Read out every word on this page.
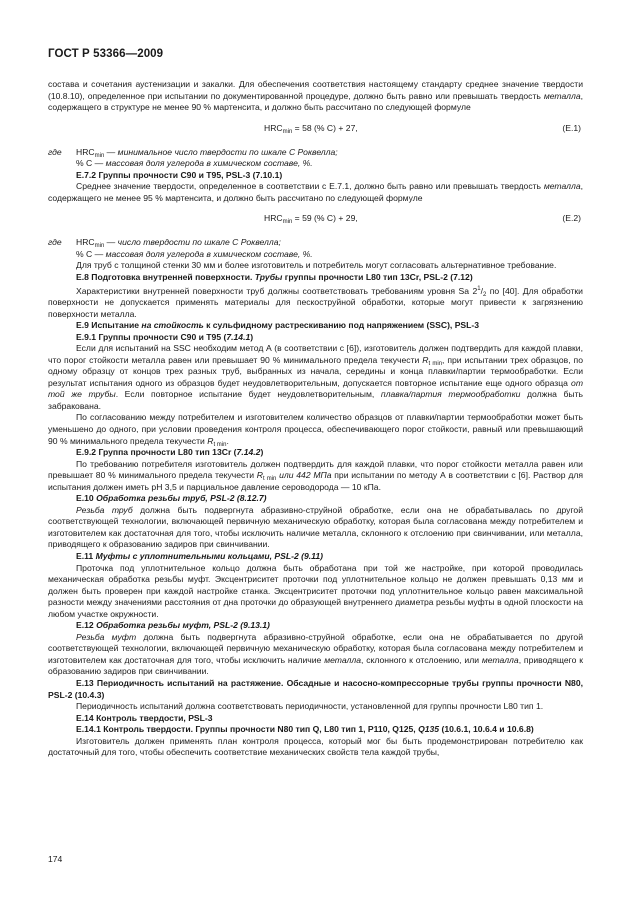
ГОСТ Р 53366—2009
состава и сочетания аустенизации и закалки. Для обеспечения соответствия настоящему стандарту среднее значение твердости (10.8.10), определенное при испытании по документированной процедуре, должно быть равно или превышать твердость металла, содержащего в структуре не менее 90 % мартенсита, и должно быть рассчитано по следующей формуле
$HRC_{min} = 58$ (% C) + 27,	(Е.1)
где $HRC_{min}$ — минимальное число твердости по шкале С Роквелла;
% С — массовая доля углерода в химическом составе, %.
Е.7.2 Группы прочности С90 и Т95, PSL-3 (7.10.1)
Среднее значение твердости, определенное в соответствии с Е.7.1, должно быть равно или превышать твердость металла, содержащего не менее 95 % мартенсита, и должно быть рассчитано по следующей формуле
$HRC_{min} = 59$ (% C) + 29,	(Е.2)
где $HRC_{min}$ — число твердости по шкале С Роквелла;
% С — массовая доля углерода в химическом составе, %.
Для труб с толщиной стенки 30 мм и более изготовитель и потребитель могут согласовать альтернативное требование.
Е.8 Подготовка внутренней поверхности. Трубы группы прочности L80 тип 13Cr, PSL-2 (7.12)
Характеристики внутренней поверхности труб должны соответствовать требованиям уровня Sa $2^1/_2$ по [40]. Для обработки поверхности не допускается применять материалы для пескоструйной обработки, которые могут привести к загрязнению поверхности металла.
Е.9 Испытание на стойкость к сульфидному растрескиванию под напряжением (SSC), PSL-3
Е.9.1 Группы прочности С90 и Т95 (7.14.1)
Если для испытаний на SSC необходим метод А (в соответствии с [6]), изготовитель должен подтвердить для каждой плавки, что порог стойкости металла равен или превышает 90 % минимального предела текучести $R_{t min}$, при испытании трех образцов, по одному образцу от концов трех разных труб, выбранных из начала, середины и конца плавки/партии термообработки. Если результат испытания одного из образцов будет неудовлетворительным, допускается повторное испытание еще одного образца от той же трубы. Если повторное испытание будет неудовлетворительным, плавка/партия термообработки должна быть забракована.
По согласованию между потребителем и изготовителем количество образцов от плавки/партии термообработки может быть уменьшено до одного, при условии проведения контроля процесса, обеспечивающего порог стойкости, равный или превышающий 90 % минимального предела текучести $R_{t min}$.
Е.9.2 Группа прочности L80 тип 13Cr (7.14.2)
По требованию потребителя изготовитель должен подтвердить для каждой плавки, что порог стойкости металла равен или превышает 80 % минимального предела текучести $R_{t min}$ или 442 МПа при испытании по методу А в соответствии с [6]. Раствор для испытания должен иметь pH 3,5 и парциальное давление сероводорода — 10 кПа.
Е.10 Обработка резьбы труб, PSL-2 (8.12.7)
Резьба труб должна быть подвергнута абразивно-струйной обработке, если она не обрабатывалась по другой соответствующей технологии, включающей первичную механическую обработку, которая была согласована между потребителем и изготовителем как достаточная для того, чтобы исключить наличие металла, склонного к отслоению при свинчивании, или металла, приводящего к образованию задиров при свинчивании.
Е.11 Муфты с уплотнительными кольцами, PSL-2 (9.11)
Проточка под уплотнительное кольцо должна быть обработана при той же настройке, при которой проводилась механическая обработка резьбы муфт. Эксцентриситет проточки под уплотнительное кольцо не должен превышать 0,13 мм и должен быть проверен при каждой настройке станка. Эксцентриситет проточки под уплотнительное кольцо равен максимальной разности между значениями расстояния от дна проточки до образующей внутреннего диаметра резьбы муфты в одной плоскости на любом участке окружности.
Е.12 Обработка резьбы муфт, PSL-2 (9.13.1)
Резьба муфт должна быть подвергнута абразивно-струйной обработке, если она не обрабатывается по другой соответствующей технологии, включающей первичную механическую обработку, которая была согласована между потребителем и изготовителем как достаточная для того, чтобы исключить наличие металла, склонного к отслоению, или металла, приводящего к образованию задиров при свинчивании.
Е.13 Периодичность испытаний на растяжение. Обсадные и насосно-компрессорные трубы группы прочности N80, PSL-2 (10.4.3)
Периодичность испытаний должна соответствовать периодичности, установленной для группы прочности L80 тип 1.
Е.14 Контроль твердости, PSL-3
Е.14.1 Контроль твердости. Группы прочности N80 тип Q, L80 тип 1, P110, Q125, Q135 (10.6.1, 10.6.4 и 10.6.8)
Изготовитель должен применять план контроля процесса, который мог бы быть продемонстрирован потребителю как достаточный для того, чтобы обеспечить соответствие механических свойств тела каждой трубы,
174
